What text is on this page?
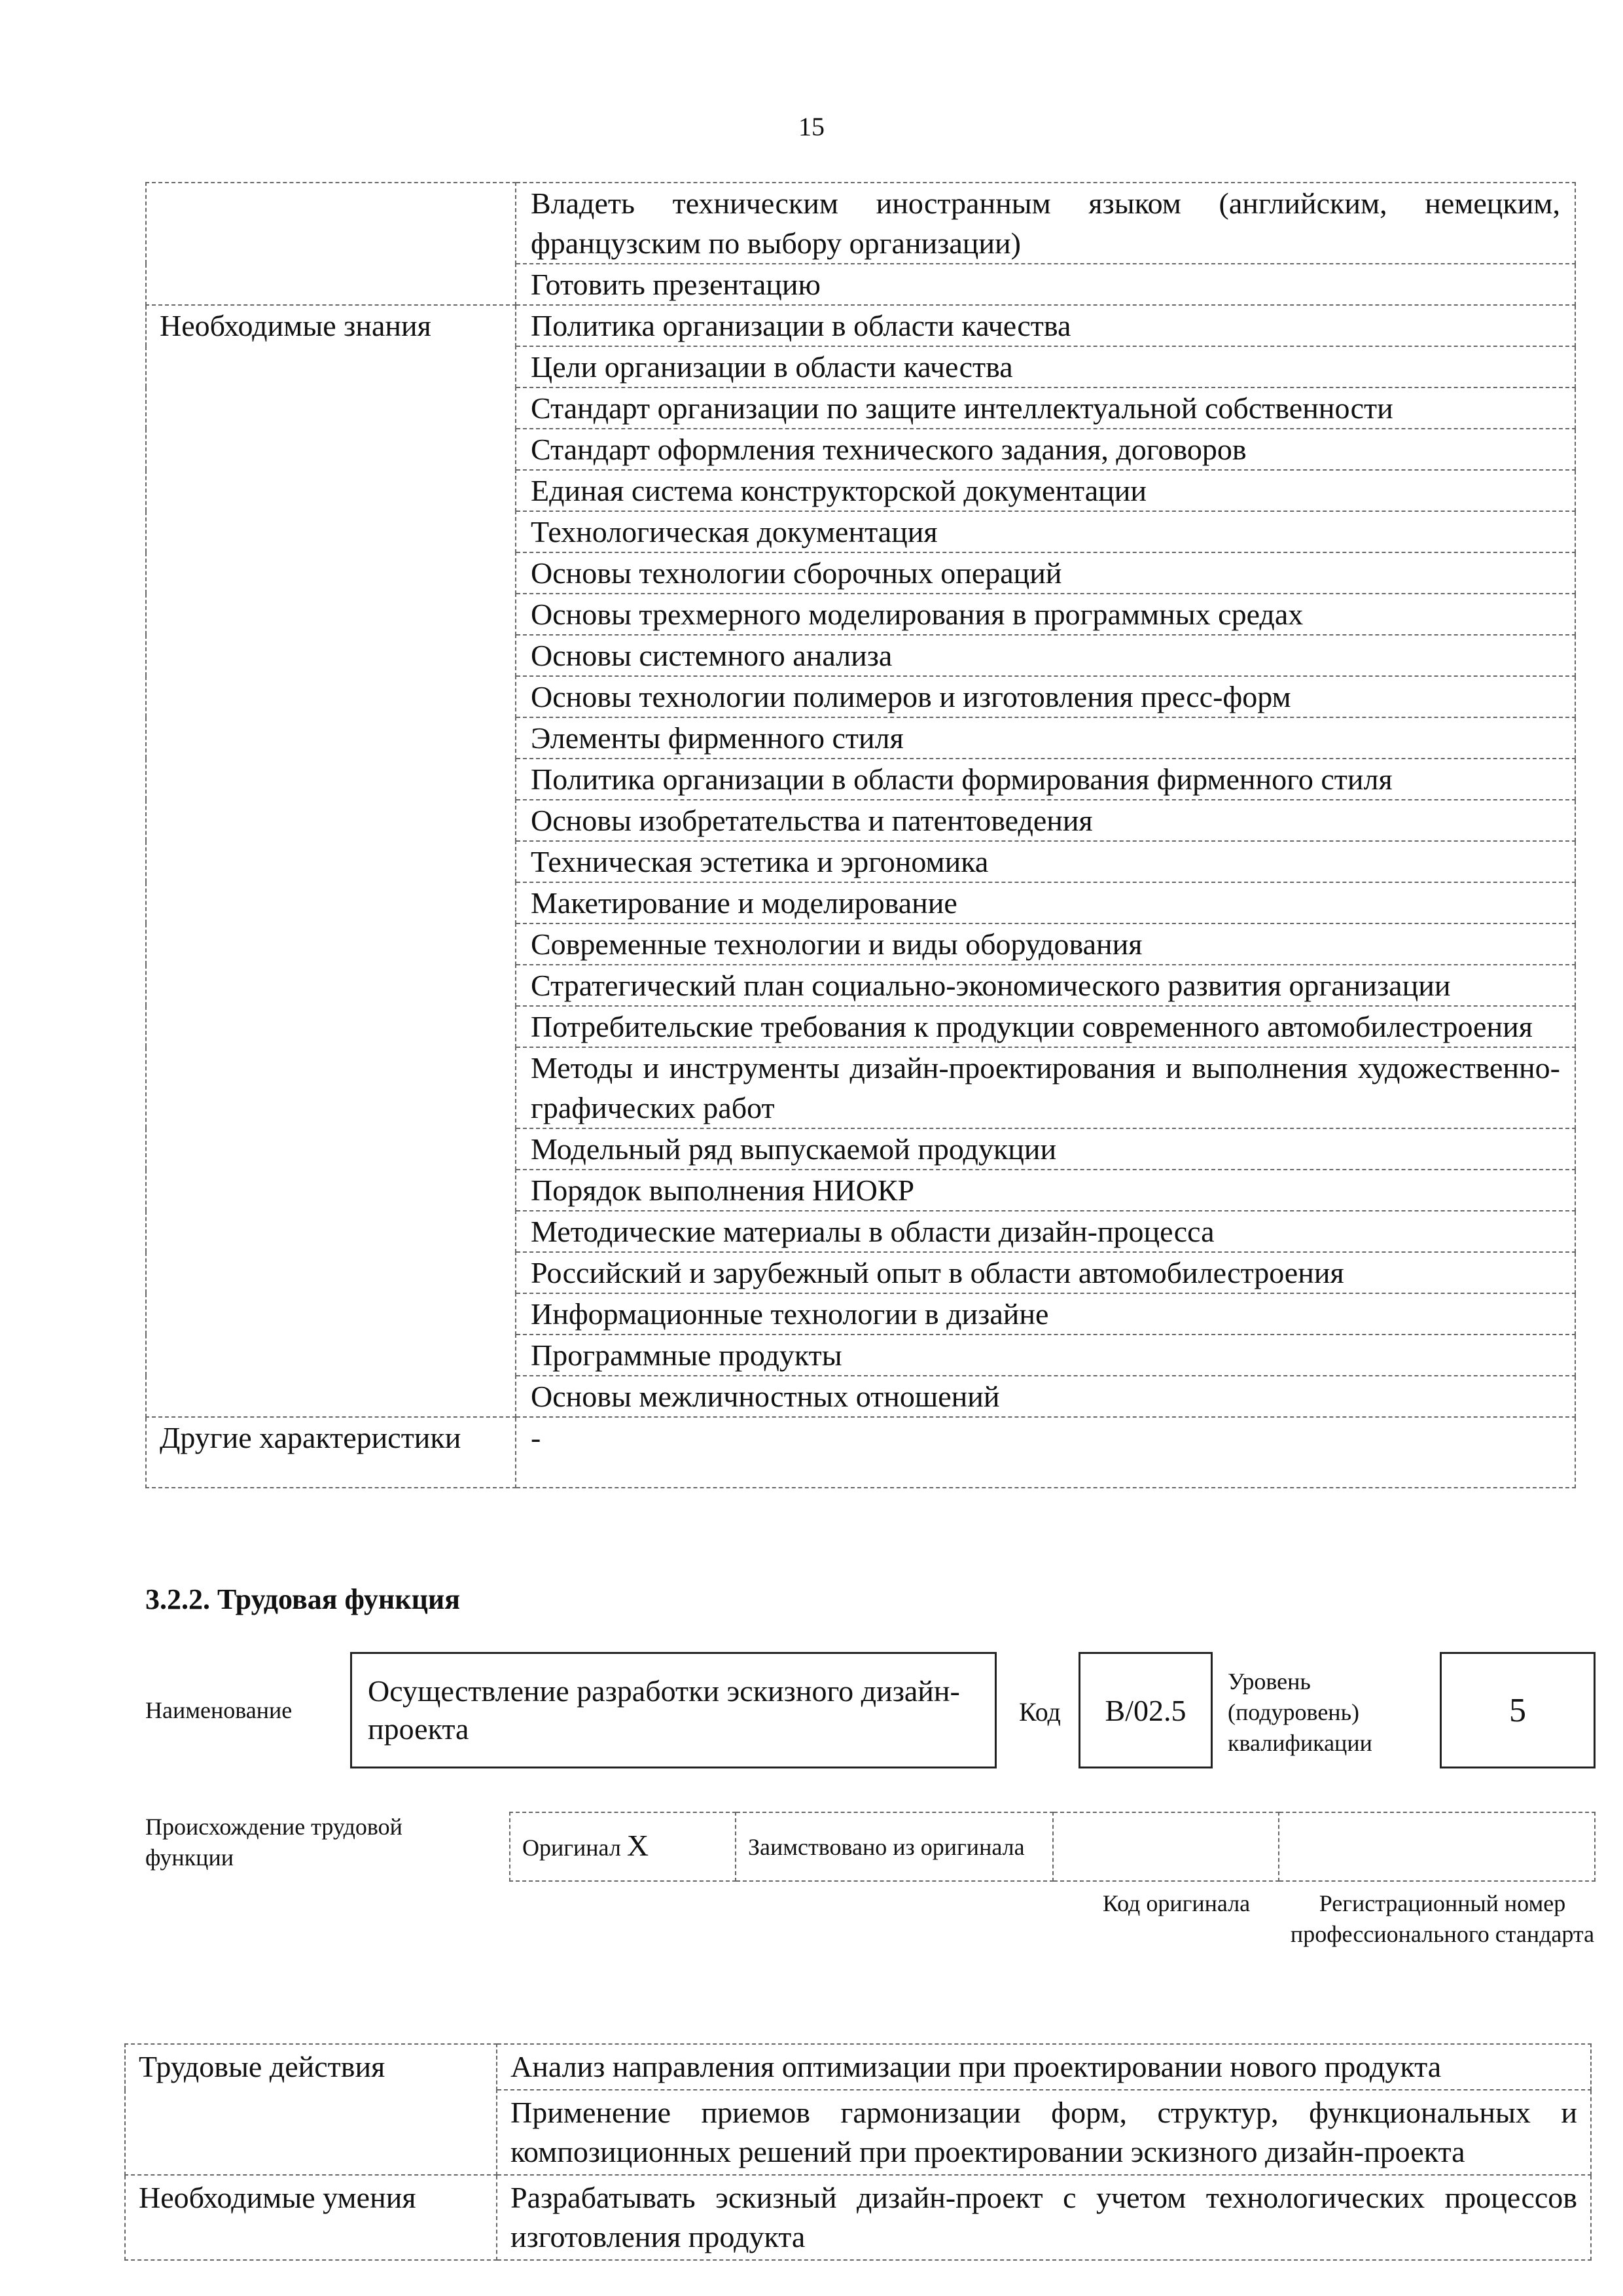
15
	Владеть техническим иностранным языком (английским, немецким, французским по выбору организации)
	Готовить презентацию
Необходимые знания	Политика организации в области качества
	Цели организации в области качества
	Стандарт организации по защите интеллектуальной собственности
	Стандарт оформления технического задания, договоров
	Единая система конструкторской документации
	Технологическая документация
	Основы технологии сборочных операций
	Основы трехмерного моделирования в программных средах
	Основы системного анализа
	Основы технологии полимеров и изготовления пресс-форм
	Элементы фирменного стиля
	Политика организации в области формирования фирменного стиля
	Основы изобретательства и патентоведения
	Техническая эстетика и эргономика
	Макетирование и моделирование
	Современные технологии и виды оборудования
	Стратегический план социально-экономического развития организации
	Потребительские требования к продукции современного автомобилестроения
	Методы и инструменты дизайн-проектирования и выполнения художественно-графических работ
	Модельный ряд выпускаемой продукции
	Порядок выполнения НИОКР
	Методические материалы в области дизайн-процесса
	Российский и зарубежный опыт в области автомобилестроения
	Информационные технологии в дизайне
	Программные продукты
	Основы межличностных отношений
Другие характеристики	-
3.2.2. Трудовая функция
Наименование
Осуществление разработки эскизного дизайн-проекта
Код B/02.5
Уровень (подуровень) квалификации
5
Происхождение трудовой функции	Оригинал X	Заимствовано из оригинала		
Код оригинала	Регистрационный номер профессионального стандарта
Трудовые действия	Анализ направления оптимизации при проектировании нового продукта
	Применение приемов гармонизации форм, структур, функциональных и композиционных решений при проектировании эскизного дизайн-проекта
Необходимые умения	Разрабатывать эскизный дизайн-проект с учетом технологических процессов изготовления продукта
